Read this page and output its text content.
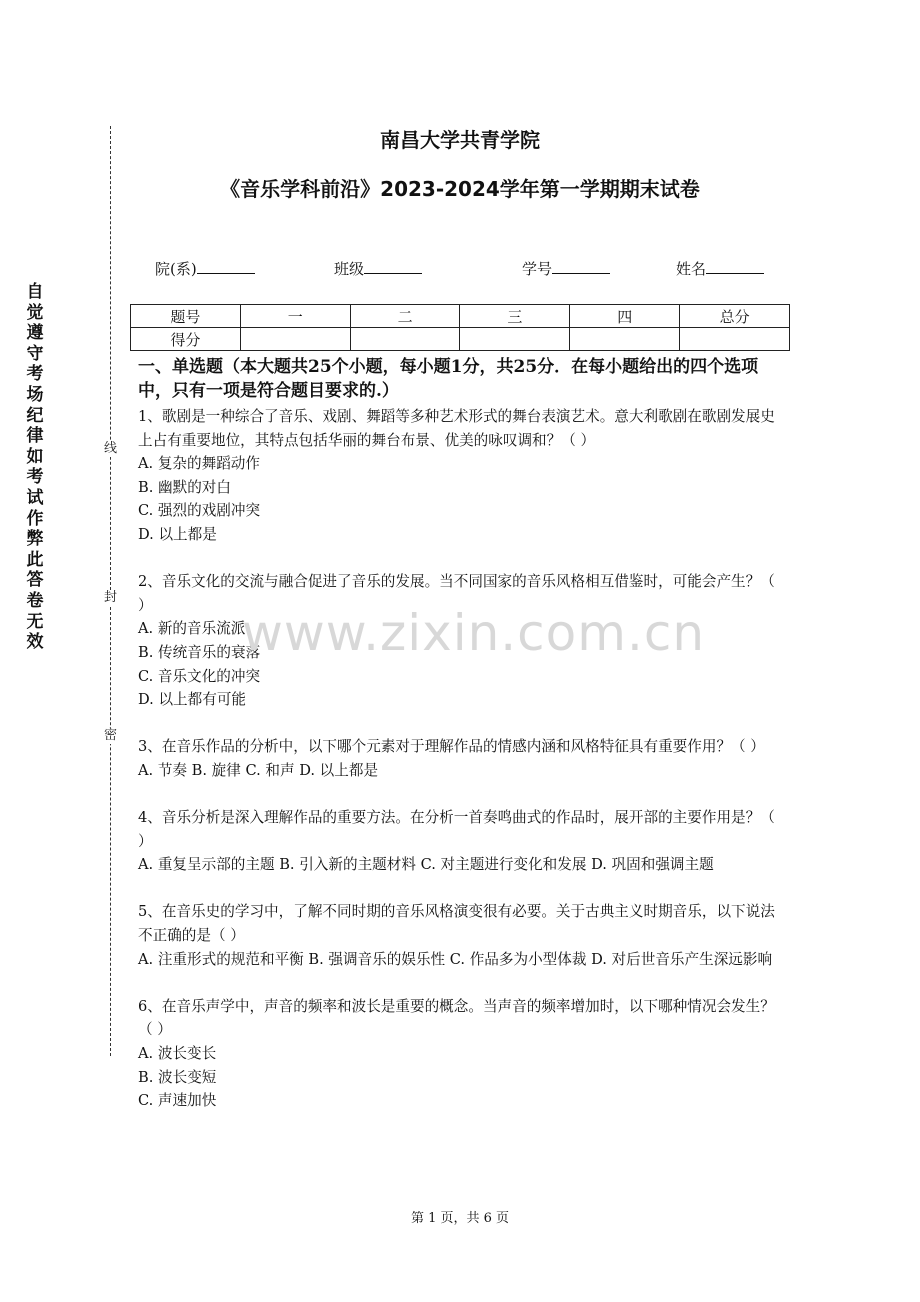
自觉遵守考场纪律如考试作弊此答卷无效
线
封
密
南昌大学共青学院
《音乐学科前沿》2023-2024学年第一学期期末试卷
院(系)	班级	学号	姓名
题号	一	二	三	四	总分
得分					
一、单选题（本大题共25个小题，每小题1分，共25分．在每小题给出的四个选项中，只有一项是符合题目要求的.）

1、歌剧是一种综合了音乐、戏剧、舞蹈等多种艺术形式的舞台表演艺术。意大利歌剧在歌剧发展史上占有重要地位，其特点包括华丽的舞台布景、优美的咏叹调和？（ ）

A. 复杂的舞蹈动作

B. 幽默的对白

C. 强烈的戏剧冲突

D. 以上都是

2、音乐文化的交流与融合促进了音乐的发展。当不同国家的音乐风格相互借鉴时，可能会产生？（ ）

A. 新的音乐流派

B. 传统音乐的衰落

C. 音乐文化的冲突

D. 以上都有可能

3、在音乐作品的分析中，以下哪个元素对于理解作品的情感内涵和风格特征具有重要作用？（ ）

A. 节奏 B. 旋律 C. 和声 D. 以上都是

4、音乐分析是深入理解作品的重要方法。在分析一首奏鸣曲式的作品时，展开部的主要作用是？（ ）

A. 重复呈示部的主题 B. 引入新的主题材料 C. 对主题进行变化和发展 D. 巩固和强调主题

5、在音乐史的学习中，了解不同时期的音乐风格演变很有必要。关于古典主义时期音乐，以下说法不正确的是（ ）

A. 注重形式的规范和平衡 B. 强调音乐的娱乐性 C. 作品多为小型体裁 D. 对后世音乐产生深远影响

6、在音乐声学中，声音的频率和波长是重要的概念。当声音的频率增加时，以下哪种情况会发生？（ ）

A. 波长变长

B. 波长变短

C. 声速加快

www.zixin.com.cn
第 1 页，共 6 页
